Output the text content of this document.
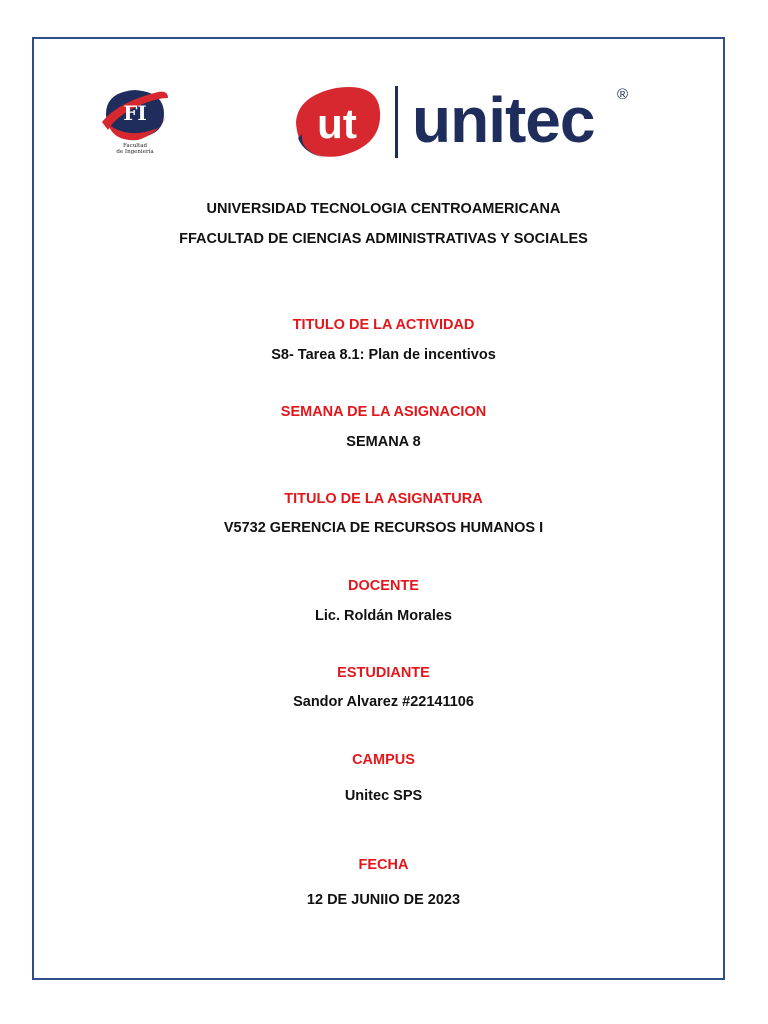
FI
Facultad
de Ingeniería
ut unitec ®
UNIVERSIDAD TECNOLOGIA CENTROAMERICANA
FFACULTAD DE CIENCIAS ADMINISTRATIVAS Y SOCIALES
TITULO DE LA ACTIVIDAD
S8- Tarea 8.1: Plan de incentivos
SEMANA DE LA ASIGNACION
SEMANA 8
TITULO DE LA ASIGNATURA
V5732 GERENCIA DE RECURSOS HUMANOS I
DOCENTE
Lic. Roldán Morales
ESTUDIANTE
Sandor Alvarez #22141106
CAMPUS
Unitec SPS
FECHA
12 DE JUNIIO DE 2023
